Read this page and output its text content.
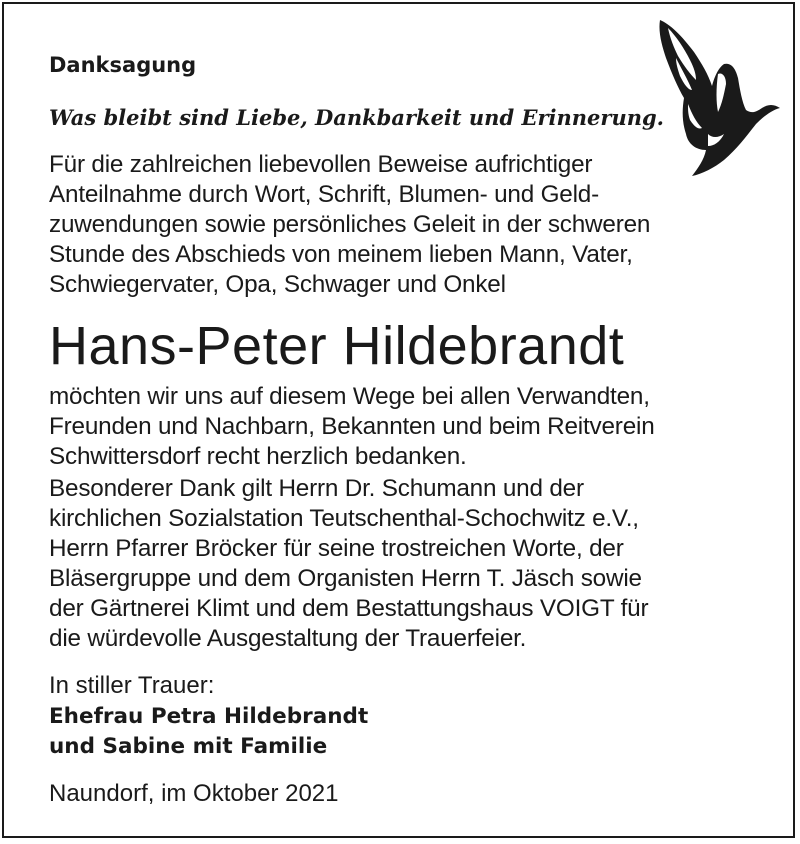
Danksagung

Was bleibt sind Liebe, Dankbarkeit und Erinnerung.

Für die zahlreichen liebevollen Beweise aufrichtiger
Anteilnahme durch Wort, Schrift, Blumen- und Geld-
zuwendungen sowie persönliches Geleit in der schweren
Stunde des Abschieds von meinem lieben Mann, Vater,
Schwiegervater, Opa, Schwager und Onkel

Hans-Peter Hildebrandt

möchten wir uns auf diesem Wege bei allen Verwandten,
Freunden und Nachbarn, Bekannten und beim Reitverein
Schwittersdorf recht herzlich bedanken.

Besonderer Dank gilt Herrn Dr. Schumann und der
kirchlichen Sozialstation Teutschenthal-Schochwitz e.V.,
Herrn Pfarrer Bröcker für seine trostreichen Worte, der
Bläsergruppe und dem Organisten Herrn T. Jäsch sowie
der Gärtnerei Klimt und dem Bestattungshaus VOIGT für
die würdevolle Ausgestaltung der Trauerfeier.

In stiller Trauer:

Ehefrau Petra Hildebrandt

und Sabine mit Familie

Naundorf, im Oktober 2021
